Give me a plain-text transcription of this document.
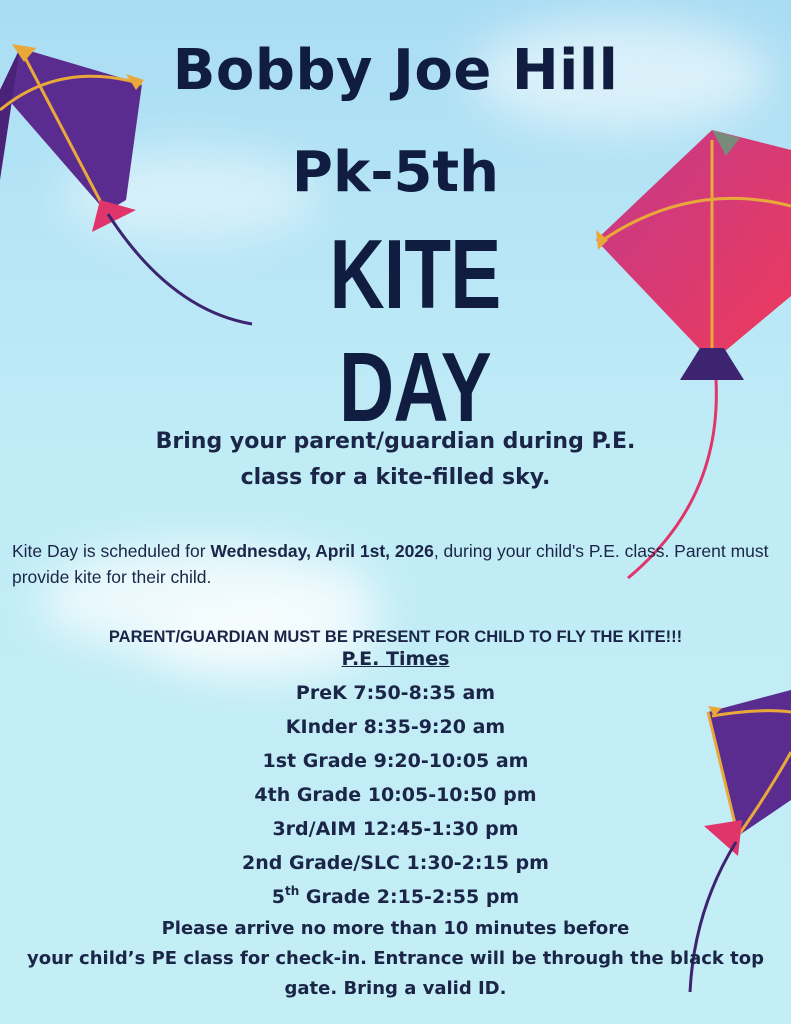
Bobby Joe Hill
Pk-5th
KITE DAY
Bring your parent/guardian during P.E.
class for a kite-filled sky.
Kite Day is scheduled for Wednesday, April 1st, 2026, during your child's P.E. class. Parent must provide kite for their child.
PARENT/GUARDIAN MUST BE PRESENT FOR CHILD TO FLY THE KITE!!!
P.E. Times
PreK 7:50-8:35 am
KInder 8:35-9:20 am
1st Grade 9:20-10:05 am
4th Grade 10:05-10:50 pm
3rd/AIM 12:45-1:30 pm
2nd Grade/SLC 1:30-2:15 pm
5th Grade 2:15-2:55 pm
Please arrive no more than 10 minutes before
your child’s PE class for check-in. Entrance will be through the black top
gate. Bring a valid ID.
